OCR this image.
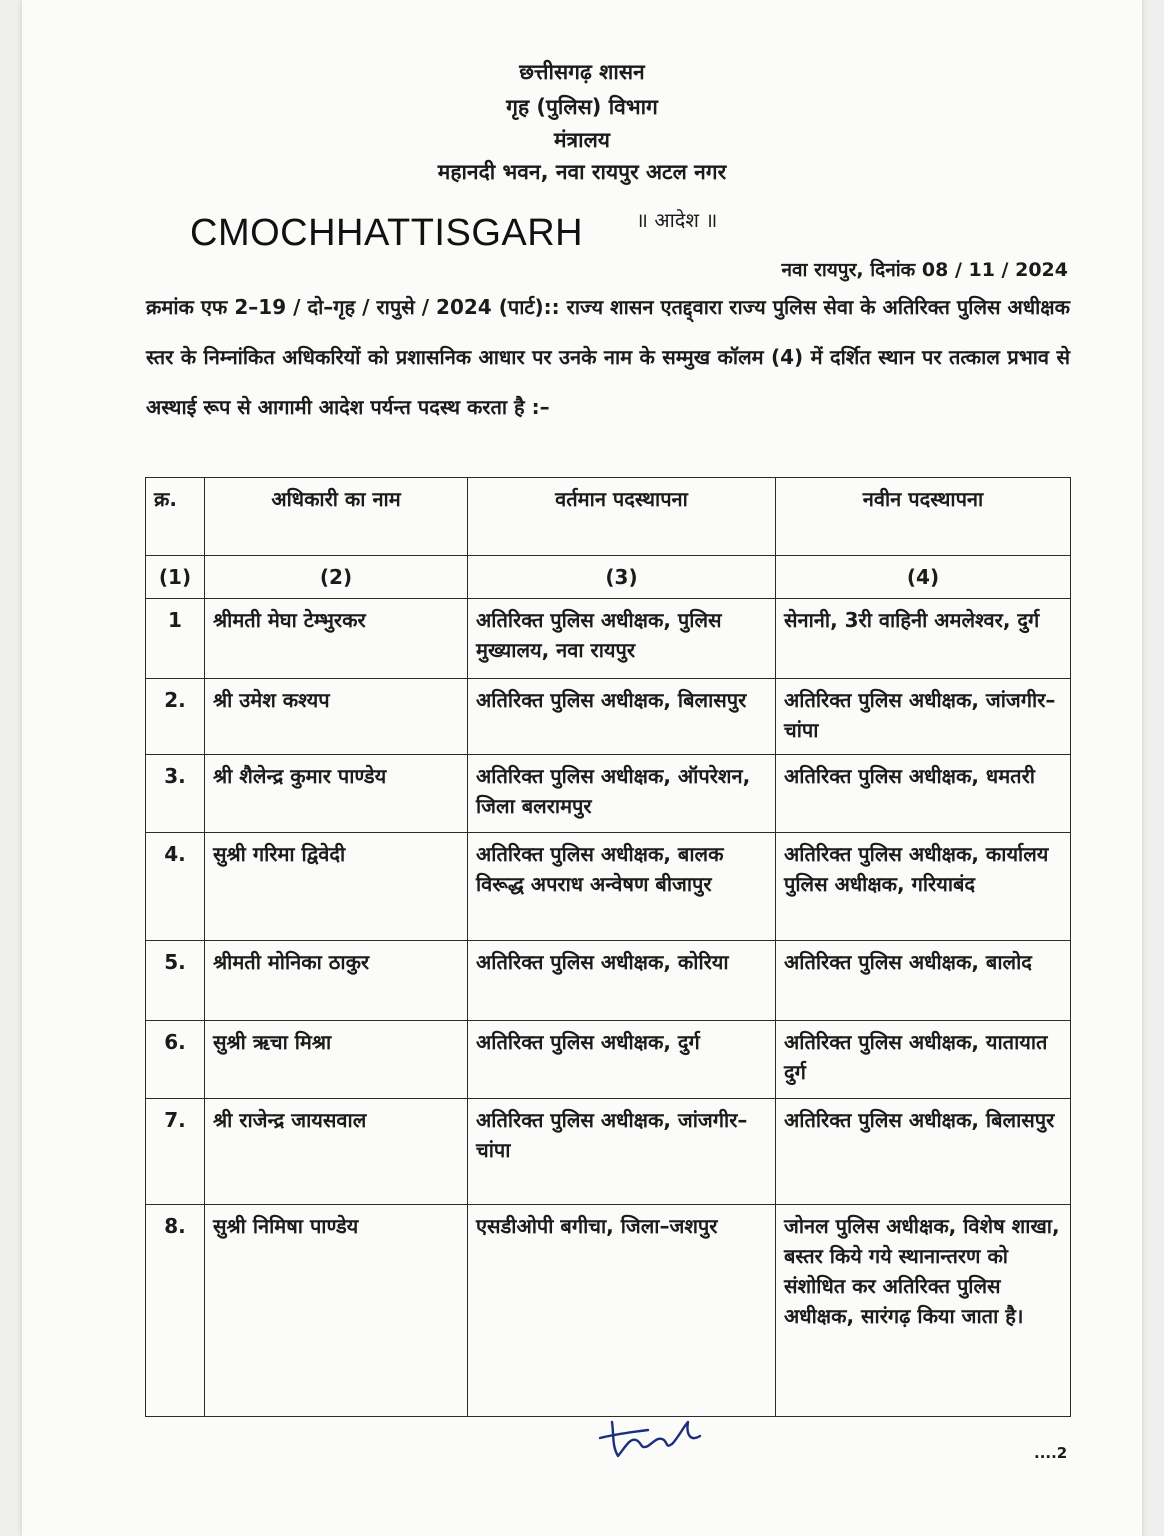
छत्तीसगढ़ शासन
गृह (पुलिस) विभाग
मंत्रालय
महानदी भवन, नवा रायपुर अटल नगर
CMOCHHATTISGARH	॥ आदेश ॥
नवा रायपुर, दिनांक 08 / 11 / 2024
क्रमांक एफ 2–19 / दो–गृह / रापुसे / 2024 (पार्ट):: राज्य शासन एतद्द्वारा राज्य पुलिस सेवा के अतिरिक्त पुलिस अधीक्षक स्तर के निम्नांकित अधिकरियों को प्रशासनिक आधार पर उनके नाम के सम्मुख कॉलम (4) में दर्शित स्थान पर तत्काल प्रभाव से अस्थाई रूप से आगामी आदेश पर्यन्त पदस्थ करता है :–
क्र.	अधिकारी का नाम	वर्तमान पदस्थापना	नवीन पदस्थापना
(1)	(2)	(3)	(4)
1	श्रीमती मेघा टेम्भुरकर	अतिरिक्त पुलिस अधीक्षक, पुलिस मुख्यालय, नवा रायपुर	सेनानी, 3री वाहिनी अमलेश्वर, दुर्ग
2.	श्री उमेश कश्यप	अतिरिक्त पुलिस अधीक्षक, बिलासपुर	अतिरिक्त पुलिस अधीक्षक, जांजगीर–चांपा
3.	श्री शैलेन्द्र कुमार पाण्डेय	अतिरिक्त पुलिस अधीक्षक, ऑपरेशन, जिला बलरामपुर	अतिरिक्त पुलिस अधीक्षक, धमतरी
4.	सुश्री गरिमा द्विवेदी	अतिरिक्त पुलिस अधीक्षक, बालक विरूद्ध अपराध अन्वेषण बीजापुर	अतिरिक्त पुलिस अधीक्षक, कार्यालय पुलिस अधीक्षक, गरियाबंद
5.	श्रीमती मोनिका ठाकुर	अतिरिक्त पुलिस अधीक्षक, कोरिया	अतिरिक्त पुलिस अधीक्षक, बालोद
6.	सुश्री ऋचा मिश्रा	अतिरिक्त पुलिस अधीक्षक, दुर्ग	अतिरिक्त पुलिस अधीक्षक, यातायात दुर्ग
7.	श्री राजेन्द्र जायसवाल	अतिरिक्त पुलिस अधीक्षक, जांजगीर–चांपा	अतिरिक्त पुलिस अधीक्षक, बिलासपुर
8.	सुश्री निमिषा पाण्डेय	एसडीओपी बगीचा, जिला–जशपुर	जोनल पुलिस अधीक्षक, विशेष शाखा, बस्तर किये गये स्थानान्तरण को संशोधित कर अतिरिक्त पुलिस अधीक्षक, सारंगढ़ किया जाता है।
....2
